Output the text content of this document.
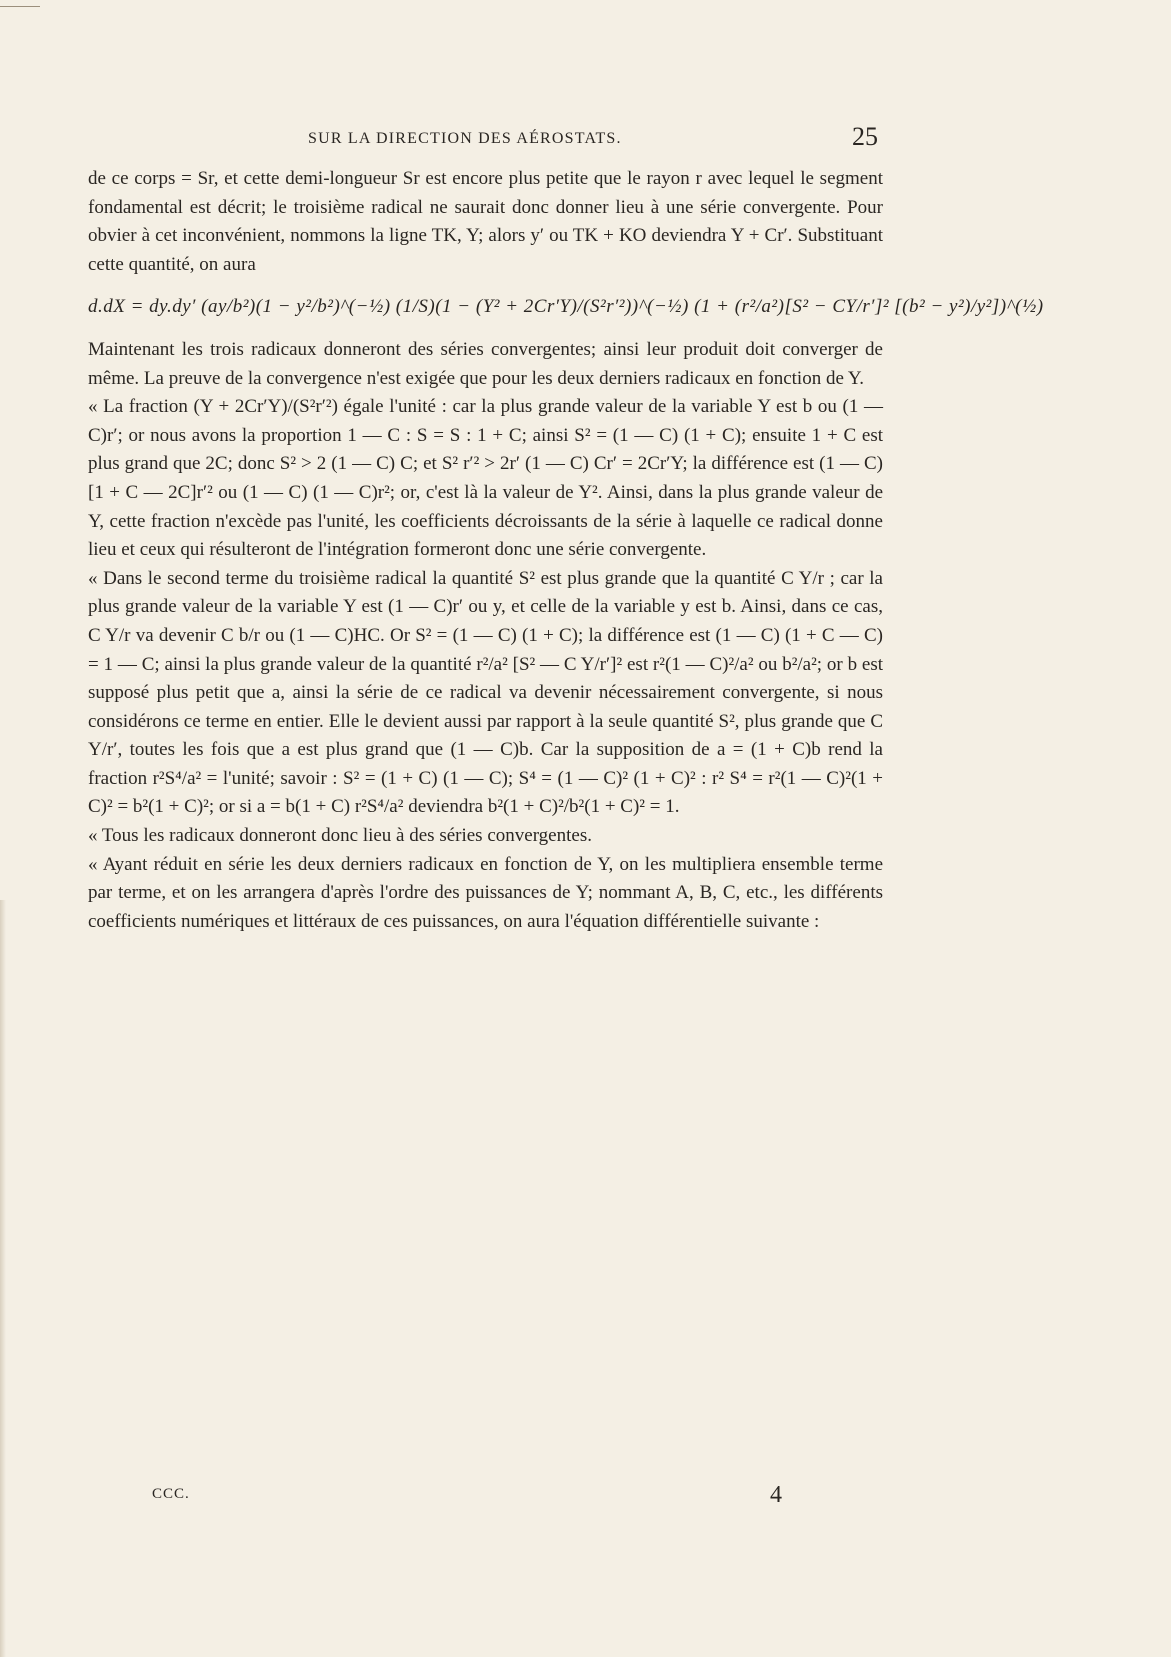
SUR LA DIRECTION DES AÉROSTATS.	25

de ce corps = Sr, et cette demi-longueur Sr est encore plus petite que le rayon r avec lequel le segment fondamental est décrit; le troisième radical ne saurait donc donner lieu à une série convergente. Pour obvier à cet inconvénient, nommons la ligne TK, Y; alors y′ ou TK + KO deviendra Y + Cr′. Substituant cette quantité, on aura

d.dX = dy.dy′ (ay/b²)(1 − y²/b²)^(−½) (1/S)(1 − (Y² + 2Cr′Y)/(S²r′²))^(−½) (1 + (r²/a²)[S² − CY/r′]² [(b² − y²)/y²])^(½)

Maintenant les trois radicaux donneront des séries convergentes; ainsi leur produit doit converger de même. La preuve de la convergence n'est exigée que pour les deux derniers radicaux en fonction de Y.

« La fraction (Y + 2Cr′Y)/(S²r′²) égale l'unité : car la plus grande valeur de la variable Y est b ou (1 — C)r′; or nous avons la proportion 1 — C : S = S : 1 + C; ainsi S² = (1 — C) (1 + C); ensuite 1 + C est plus grand que 2C; donc S² > 2 (1 — C) C; et S² r′² > 2r′ (1 — C) Cr′ = 2Cr′Y; la différence est (1 — C)[1 + C — 2C]r′² ou (1 — C) (1 — C)r²; or, c'est là la valeur de Y². Ainsi, dans la plus grande valeur de Y, cette fraction n'excède pas l'unité, les coefficients décroissants de la série à laquelle ce radical donne lieu et ceux qui résulteront de l'intégration formeront donc une série convergente.

« Dans le second terme du troisième radical la quantité S² est plus grande que la quantité C Y/r ; car la plus grande valeur de la variable Y est (1 — C)r′ ou y, et celle de la variable y est b. Ainsi, dans ce cas, C Y/r va devenir C b/r ou (1 — C)HC. Or S² = (1 — C) (1 + C); la différence est (1 — C) (1 + C — C) = 1 — C; ainsi la plus grande valeur de la quantité r²/a² [S² — C Y/r′]² est r²(1 — C)²/a² ou b²/a²; or b est supposé plus petit que a, ainsi la série de ce radical va devenir nécessairement convergente, si nous considérons ce terme en entier. Elle le devient aussi par rapport à la seule quantité S², plus grande que C Y/r′, toutes les fois que a est plus grand que (1 — C)b. Car la supposition de a = (1 + C)b rend la fraction r²S⁴/a² = l'unité; savoir : S² = (1 + C) (1 — C); S⁴ = (1 — C)² (1 + C)² : r² S⁴ = r²(1 — C)²(1 + C)² = b²(1 + C)²; or si a = b(1 + C) r²S⁴/a² deviendra b²(1 + C)²/b²(1 + C)² = 1.

« Tous les radicaux donneront donc lieu à des séries convergentes.

« Ayant réduit en série les deux derniers radicaux en fonction de Y, on les multipliera ensemble terme par terme, et on les arrangera d'après l'ordre des puissances de Y; nommant A, B, C, etc., les différents coefficients numériques et littéraux de ces puissances, on aura l'équation différentielle suivante :

CCC.	4
